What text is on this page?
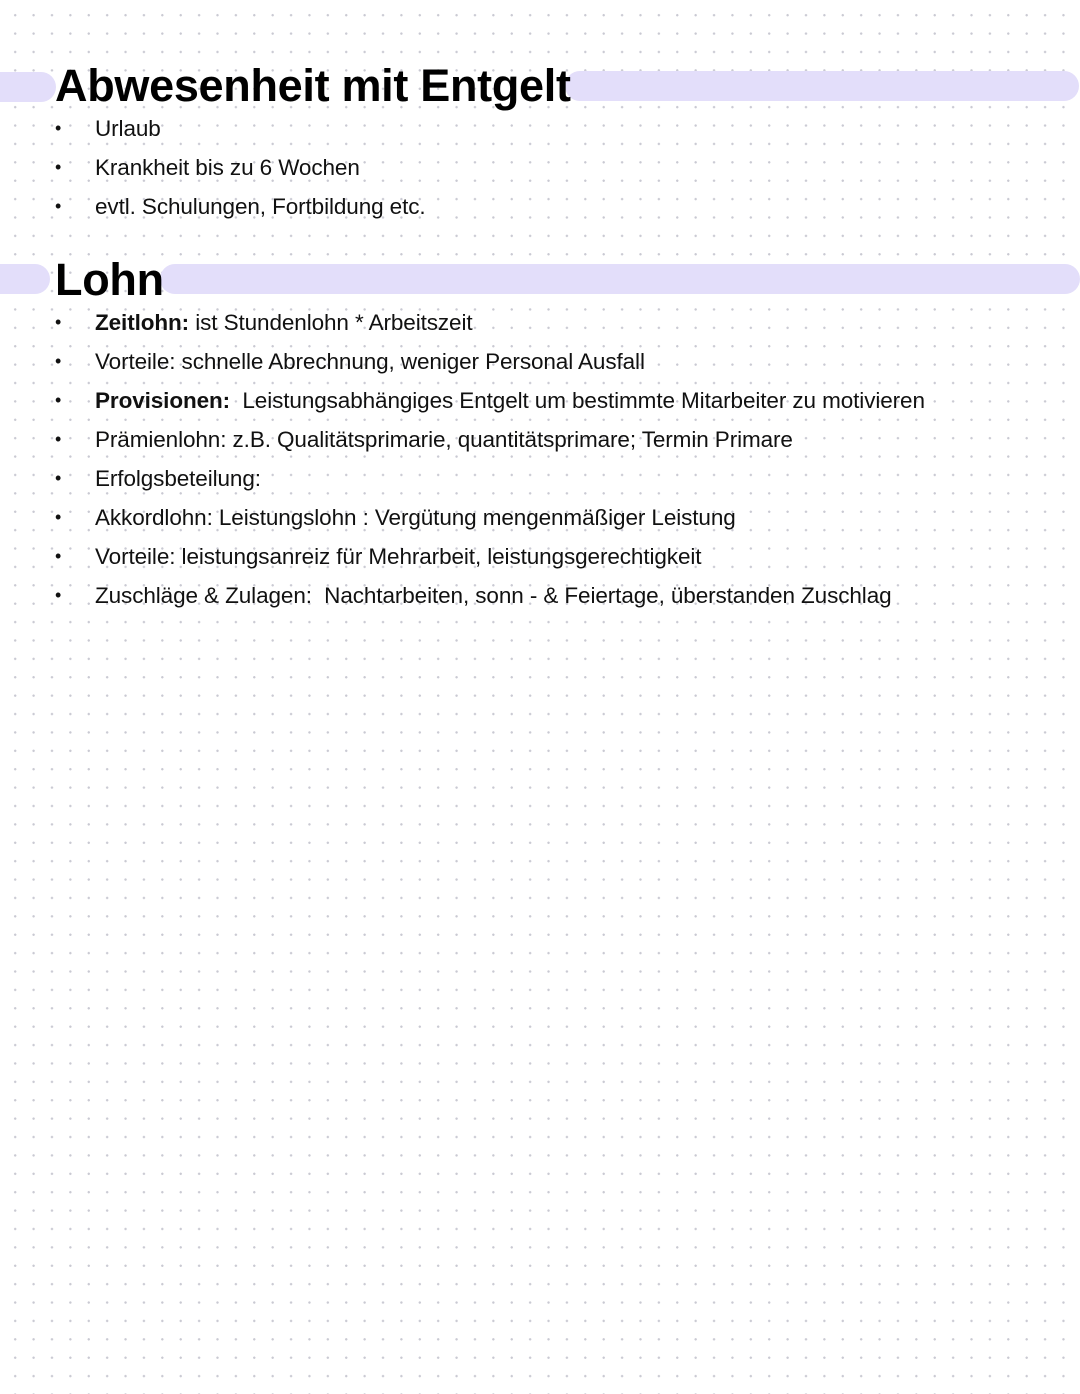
Abwesenheit mit Entgelt
• Urlaub
• Krankheit bis zu 6 Wochen
• evtl. Schulungen, Fortbildung etc.
Lohn
• Zeitlohn: ist Stundenlohn * Arbeitszeit
• Vorteile: schnelle Abrechnung, weniger Personal Ausfall
• Provisionen:  Leistungsabhängiges Entgelt um bestimmte Mitarbeiter zu motivieren
• Prämienlohn: z.B. Qualitätsprimarie, quantitätsprimare; Termin Primare
• Erfolgsbeteilung:
• Akkordlohn: Leistungslohn : Vergütung mengenmäßiger Leistung
• Vorteile: leistungsanreiz für Mehrarbeit, leistungsgerechtigkeit
• Zuschläge & Zulagen:  Nachtarbeiten, sonn - & Feiertage, überstanden Zuschlag
